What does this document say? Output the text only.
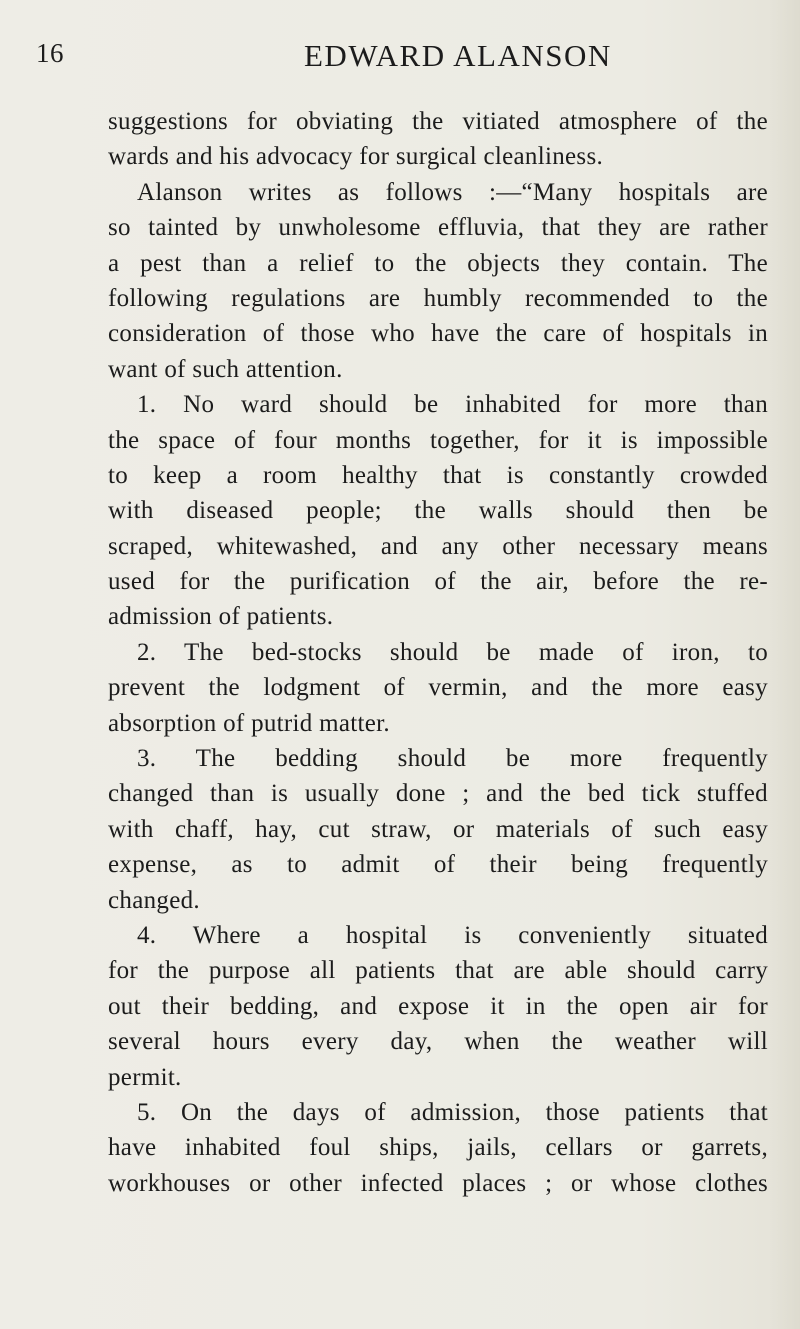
16	EDWARD ALANSON
suggestions for obviating the vitiated atmosphere of the
wards and his advocacy for surgical cleanliness.
Alanson writes as follows :—“Many hospitals are
so tainted by unwholesome effluvia, that they are rather
a pest than a relief to the objects they contain. The
following regulations are humbly recommended to the
consideration of those who have the care of hospitals in
want of such attention.
1. No ward should be inhabited for more than
the space of four months together, for it is impossible
to keep a room healthy that is constantly crowded
with diseased people; the walls should then be
scraped, whitewashed, and any other necessary means
used for the purification of the air, before the re-
admission of patients.
2. The bed-stocks should be made of iron, to
prevent the lodgment of vermin, and the more easy
absorption of putrid matter.
3. The bedding should be more frequently
changed than is usually done ; and the bed tick stuffed
with chaff, hay, cut straw, or materials of such easy
expense, as to admit of their being frequently
changed.
4. Where a hospital is conveniently situated
for the purpose all patients that are able should carry
out their bedding, and expose it in the open air for
several hours every day, when the weather will
permit.
5. On the days of admission, those patients that
have inhabited foul ships, jails, cellars or garrets,
workhouses or other infected places ; or whose clothes
